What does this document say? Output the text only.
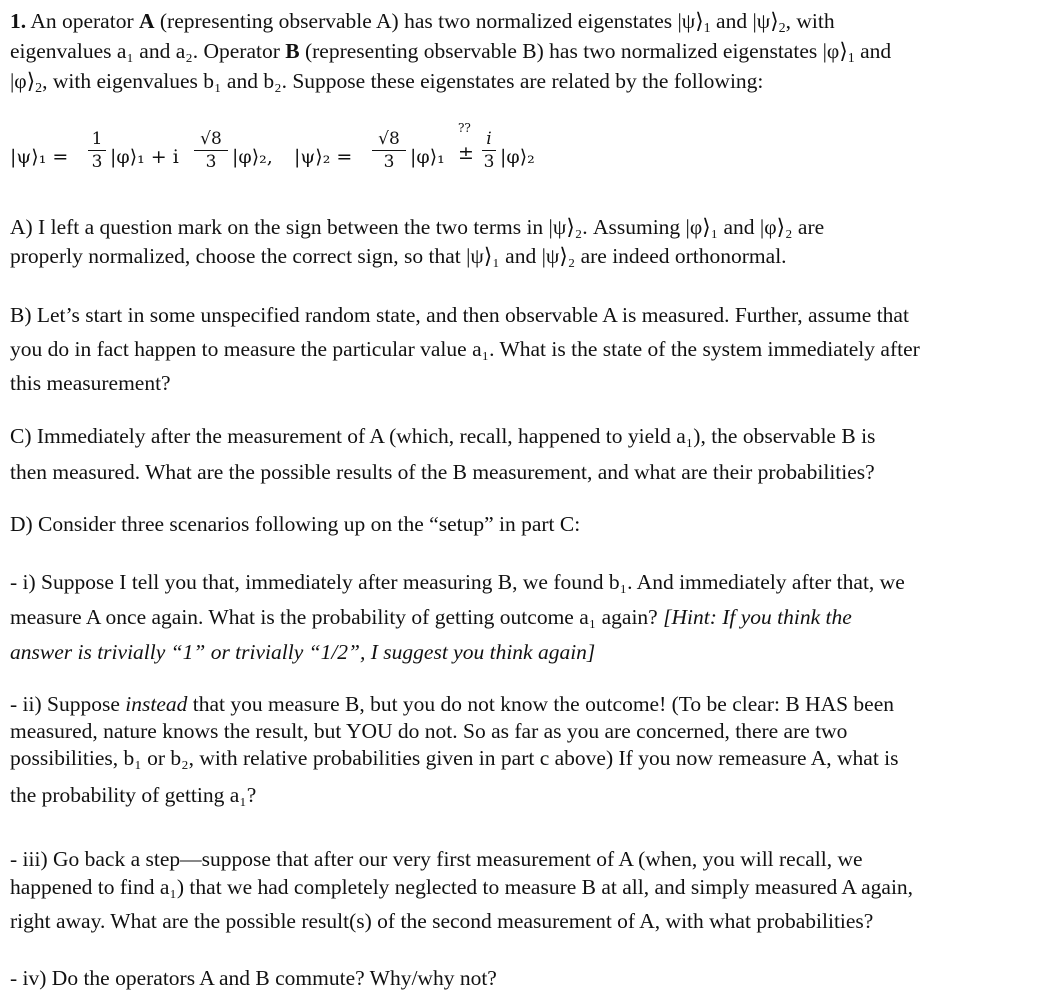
1. An operator A (representing observable A) has two normalized eigenstates $|\psi⟩_1$ and $|\psi⟩_2$, with
eigenvalues a₁ and a₂. Operator B (representing observable B) has two normalized eigenstates $|\varphi⟩_1$ and
$|\varphi⟩_2$, with eigenvalues b₁ and b₂. Suppose these eigenstates are related by the following:
|ψ⟩₁ = $\frac{1}{3}$ |φ⟩₁ + i $\frac{√8}{3}$ |φ⟩₂, |ψ⟩₂ = $\frac{√8}{3}$ |φ⟩₁
??
± $\frac{i}{3}$ |φ⟩₂
A) I left a question mark on the sign between the two terms in |ψ⟩₂. Assuming |φ⟩₁ and |φ⟩₂ are
properly normalized, choose the correct sign, so that |ψ⟩₁ and |ψ⟩₂ are indeed orthonormal.
B) Let’s start in some unspecified random state, and then observable A is measured. Further, assume that
you do in fact happen to measure the particular value a₁. What is the state of the system immediately after
this measurement?
C) Immediately after the measurement of A (which, recall, happened to yield a₁), the observable B is
then measured. What are the possible results of the B measurement, and what are their probabilities?
D) Consider three scenarios following up on the “setup” in part C:
- i) Suppose I tell you that, immediately after measuring B, we found b₁. And immediately after that, we
measure A once again. What is the probability of getting outcome a₁ again? [Hint: If you think the
answer is trivially “1” or trivially “1/2”, I suggest you think again]
- ii) Suppose instead that you measure B, but you do not know the outcome! (To be clear: B HAS been
measured, nature knows the result, but YOU do not. So as far as you are concerned, there are two
possibilities, b₁ or b₂, with relative probabilities given in part c above) If you now remeasure A, what is
the probability of getting a₁?
- iii) Go back a step—suppose that after our very first measurement of A (when, you will recall, we
happened to find a₁) that we had completely neglected to measure B at all, and simply measured A again,
right away. What are the possible result(s) of the second measurement of A, with what probabilities?
- iv) Do the operators A and B commute? Why/why not?
